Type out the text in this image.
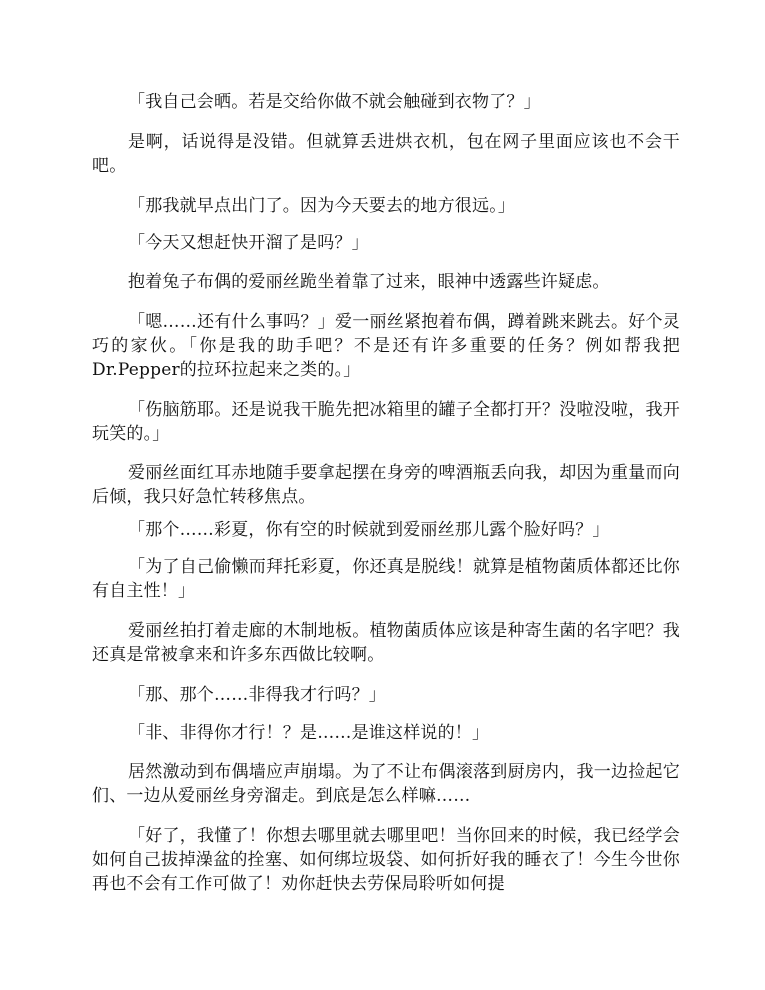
「我自己会晒。若是交给你做不就会触碰到衣物了？」

是啊，话说得是没错。但就算丢进烘衣机，包在网子里面应该也不会干吧。

「那我就早点出门了。因为今天要去的地方很远。」

「今天又想赶快开溜了是吗？」

抱着兔子布偶的爱丽丝跪坐着靠了过来，眼神中透露些许疑虑。

「嗯……还有什么事吗？」爱一丽丝紧抱着布偶，蹲着跳来跳去。好个灵巧的家伙。「你是我的助手吧？不是还有许多重要的任务？例如帮我把Dr.Pepper的拉环拉起来之类的。」

「伤脑筋耶。还是说我干脆先把冰箱里的罐子全都打开？没啦没啦，我开玩笑的。」

爱丽丝面红耳赤地随手要拿起摆在身旁的啤酒瓶丢向我，却因为重量而向后倾，我只好急忙转移焦点。

「那个……彩夏，你有空的时候就到爱丽丝那儿露个脸好吗？」

「为了自己偷懒而拜托彩夏，你还真是脱线！就算是植物菌质体都还比你有自主性！」

爱丽丝拍打着走廊的木制地板。植物菌质体应该是种寄生菌的名字吧？我还真是常被拿来和许多东西做比较啊。

「那、那个……非得我才行吗？」

「非、非得你才行！？是……是谁这样说的！」

居然激动到布偶墙应声崩塌。为了不让布偶滚落到厨房内，我一边捡起它们、一边从爱丽丝身旁溜走。到底是怎么样嘛……

「好了，我懂了！你想去哪里就去哪里吧！当你回来的时候，我已经学会如何自己拔掉澡盆的拴塞、如何绑垃圾袋、如何折好我的睡衣了！今生今世你再也不会有工作可做了！劝你赶快去劳保局聆听如何提
